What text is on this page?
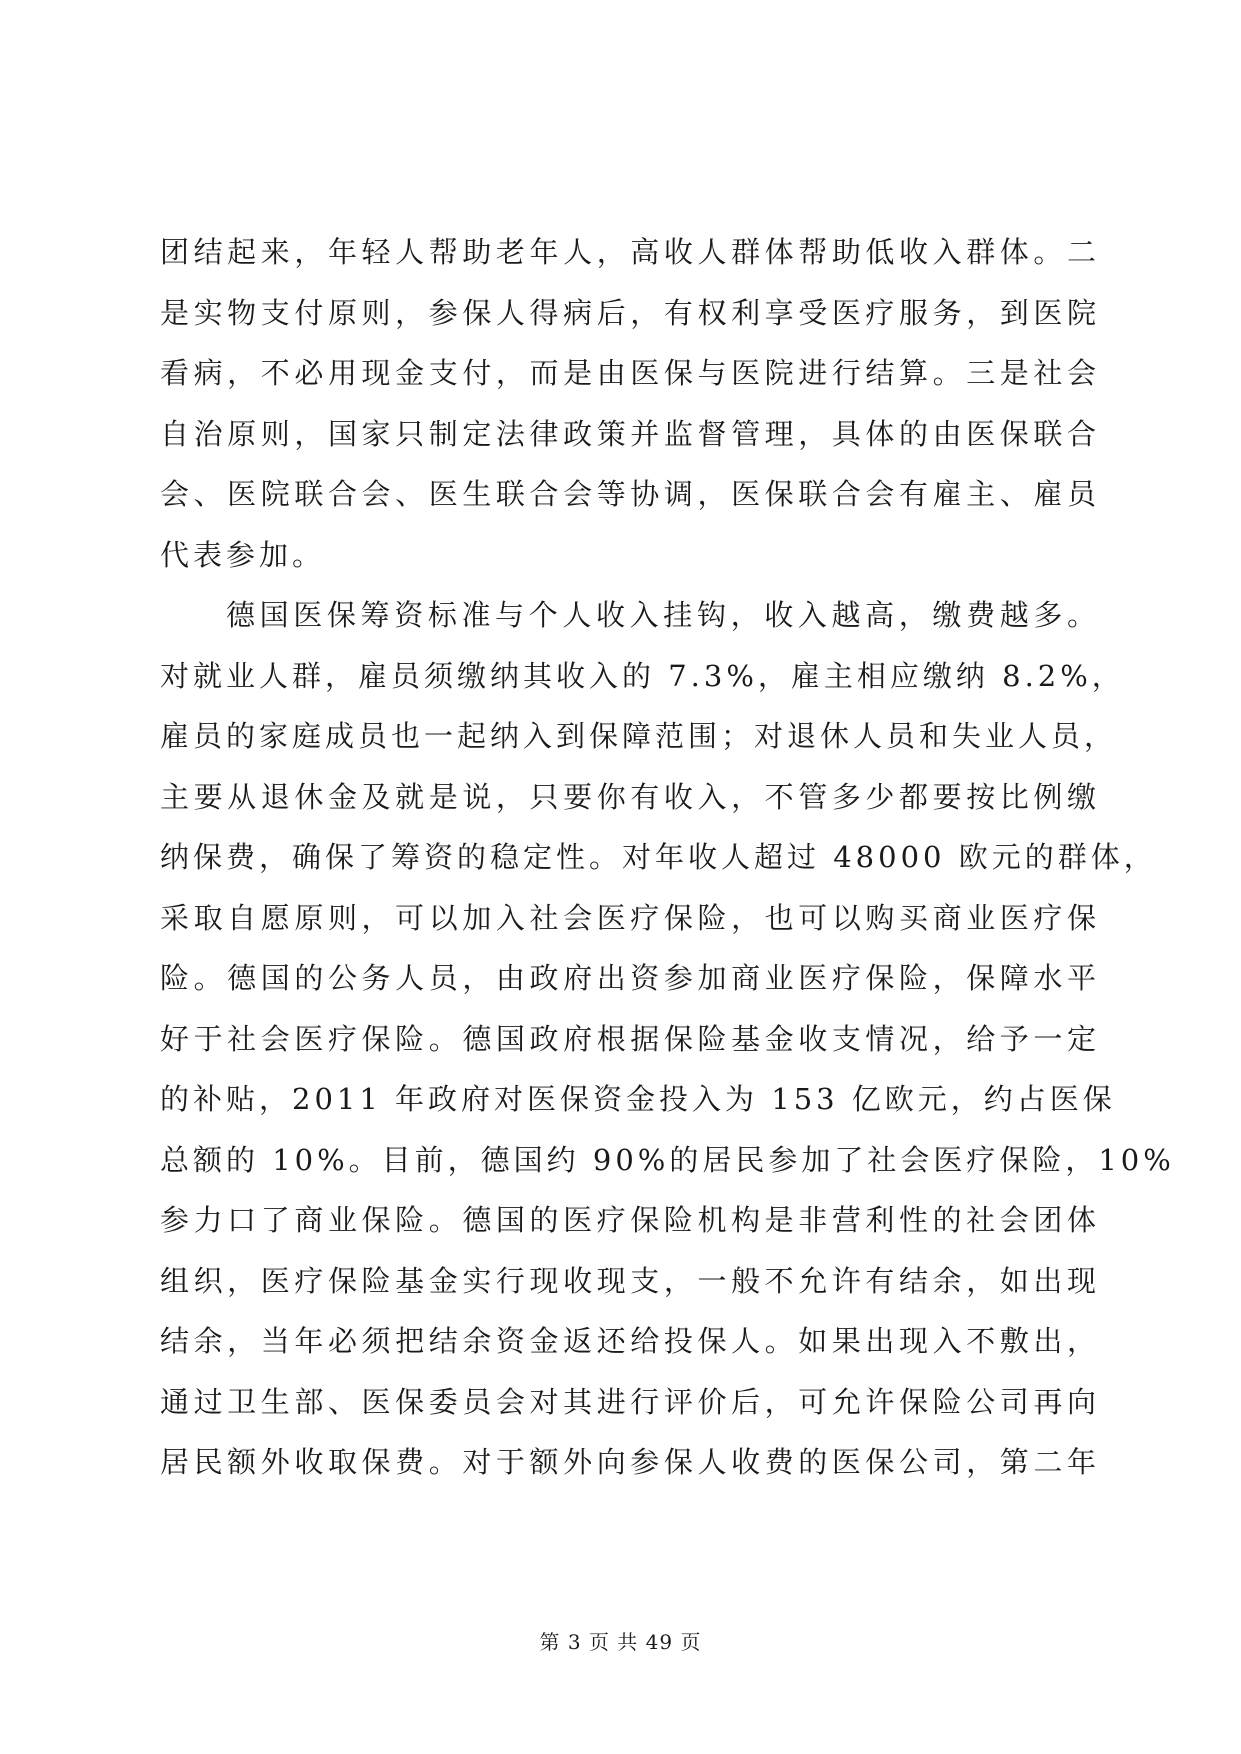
团结起来，年轻人帮助老年人，高收人群体帮助低收入群体。二
是实物支付原则，参保人得病后，有权利享受医疗服务，到医院
看病，不必用现金支付，而是由医保与医院进行结算。三是社会
自治原则，国家只制定法律政策并监督管理，具体的由医保联合
会、医院联合会、医生联合会等协调，医保联合会有雇主、雇员
代表参加。

德国医保筹资标准与个人收入挂钩，收入越高，缴费越多。
对就业人群，雇员须缴纳其收入的 7.3%，雇主相应缴纳 8.2%，
雇员的家庭成员也一起纳入到保障范围；对退休人员和失业人员，
主要从退休金及就是说，只要你有收入，不管多少都要按比例缴
纳保费，确保了筹资的稳定性。对年收人超过 48000 欧元的群体，
采取自愿原则，可以加入社会医疗保险，也可以购买商业医疗保
险。德国的公务人员，由政府出资参加商业医疗保险，保障水平
好于社会医疗保险。德国政府根据保险基金收支情况，给予一定
的补贴，2011 年政府对医保资金投入为 153 亿欧元，约占医保
总额的 10%。目前，德国约 90%的居民参加了社会医疗保险，10%
参力口了商业保险。德国的医疗保险机构是非营利性的社会团体
组织，医疗保险基金实行现收现支，一般不允许有结余，如出现
结余，当年必须把结余资金返还给投保人。如果出现入不敷出，
通过卫生部、医保委员会对其进行评价后，可允许保险公司再向
居民额外收取保费。对于额外向参保人收费的医保公司，第二年

第 3 页 共 49 页
